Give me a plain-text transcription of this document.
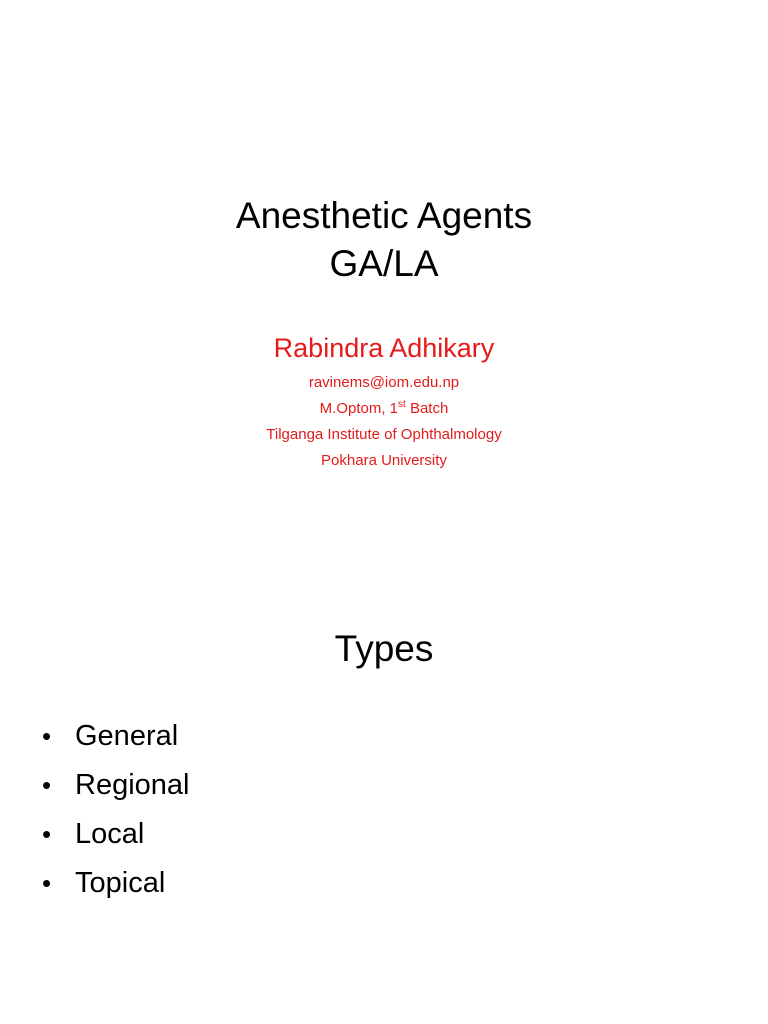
Anesthetic Agents
GA/LA
Rabindra Adhikary
ravinems@iom.edu.np
M.Optom, 1st Batch
Tilganga Institute of Ophthalmology
Pokhara University
Types
• General
• Regional
• Local
• Topical
